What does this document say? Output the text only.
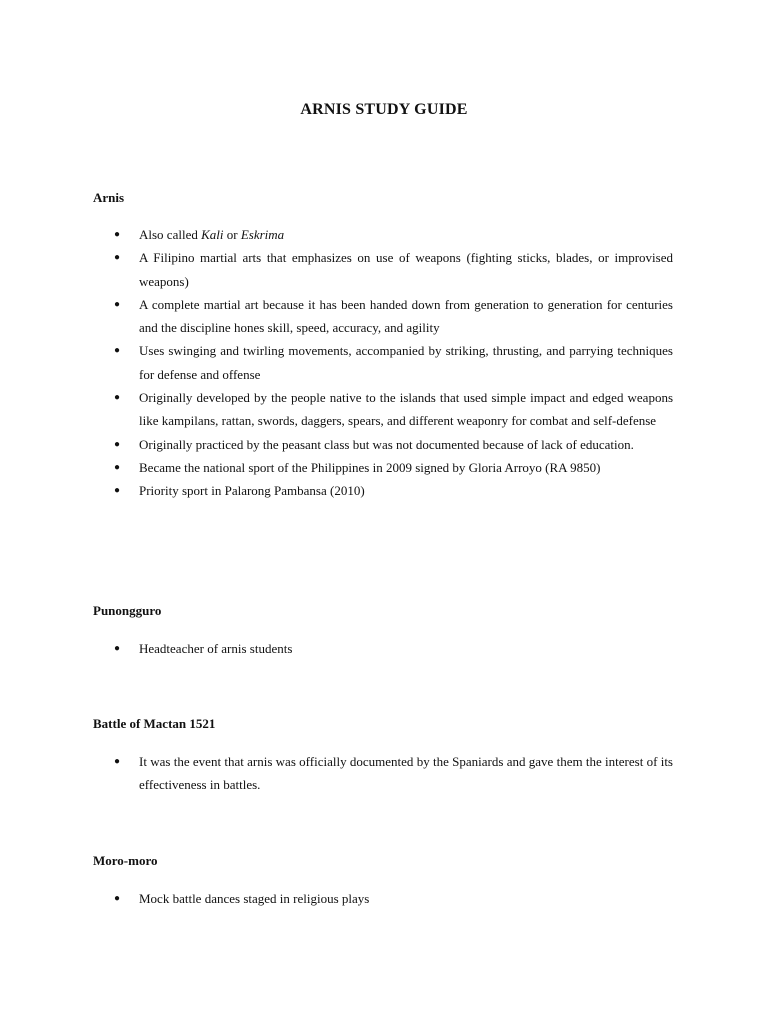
ARNIS STUDY GUIDE
Arnis
● Also called Kali or Eskrima
● A Filipino martial arts that emphasizes on use of weapons (fighting sticks, blades, or improvised weapons)
● A complete martial art because it has been handed down from generation to generation for centuries and the discipline hones skill, speed, accuracy, and agility
● Uses swinging and twirling movements, accompanied by striking, thrusting, and parrying techniques for defense and offense
● Originally developed by the people native to the islands that used simple impact and edged weapons like kampilans, rattan, swords, daggers, spears, and different weaponry for combat and self-defense
● Originally practiced by the peasant class but was not documented because of lack of education.
● Became the national sport of the Philippines in 2009 signed by Gloria Arroyo (RA 9850)
● Priority sport in Palarong Pambansa (2010)
Punongguro
● Headteacher of arnis students
Battle of Mactan 1521
● It was the event that arnis was officially documented by the Spaniards and gave them the interest of its effectiveness in battles.
Moro-moro
● Mock battle dances staged in religious plays
